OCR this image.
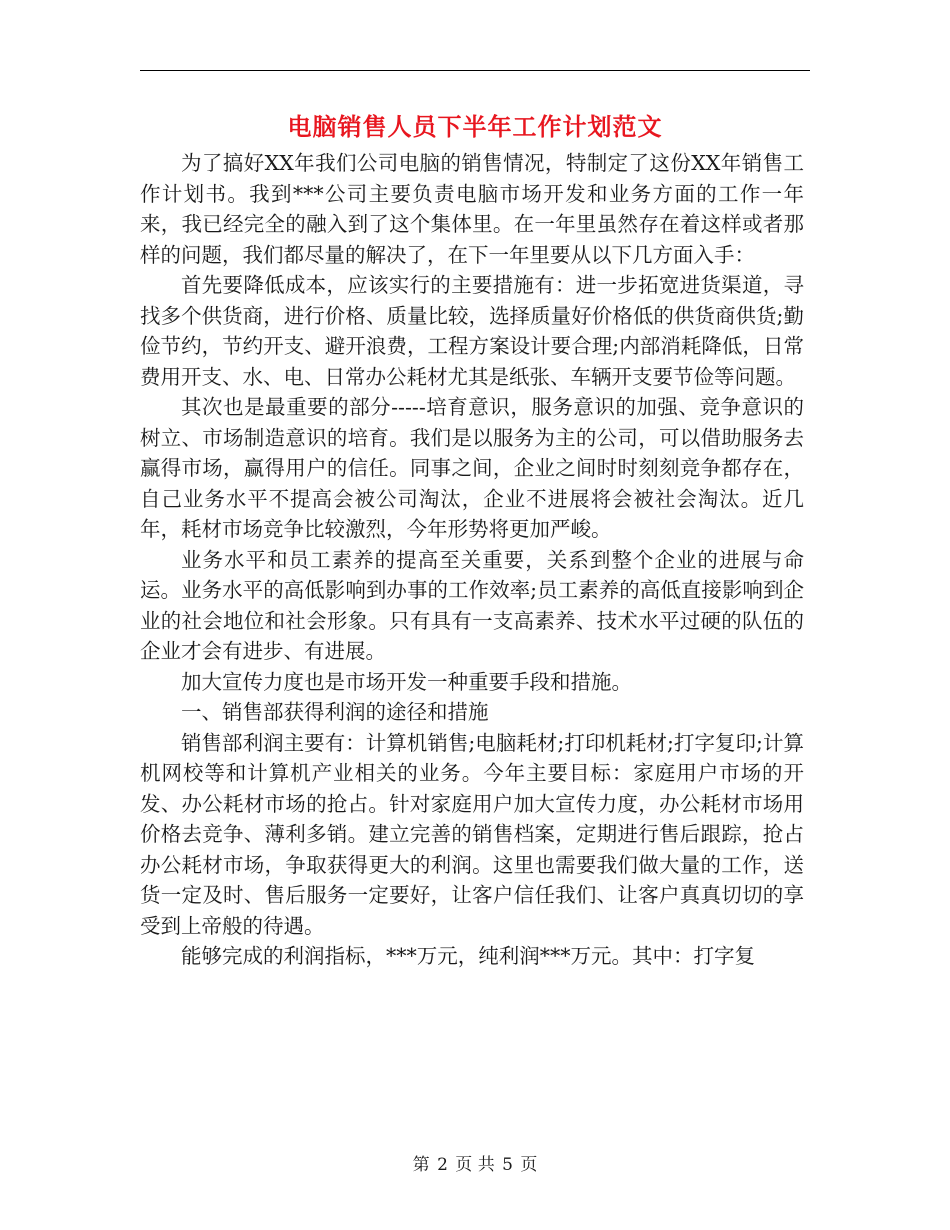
电脑销售人员下半年工作计划范文

为了搞好XX年我们公司电脑的销售情况，特制定了这份XX年销售工作计划书。我到***公司主要负责电脑市场开发和业务方面的工作一年来，我已经完全的融入到了这个集体里。在一年里虽然存在着这样或者那样的问题，我们都尽量的解决了，在下一年里要从以下几方面入手：

首先要降低成本，应该实行的主要措施有：进一步拓宽进货渠道，寻找多个供货商，进行价格、质量比较，选择质量好价格低的供货商供货;勤俭节约，节约开支、避开浪费，工程方案设计要合理;内部消耗降低，日常费用开支、水、电、日常办公耗材尤其是纸张、车辆开支要节俭等问题。

其次也是最重要的部分-----培育意识，服务意识的加强、竞争意识的树立、市场制造意识的培育。我们是以服务为主的公司，可以借助服务去赢得市场，赢得用户的信任。同事之间，企业之间时时刻刻竞争都存在，自己业务水平不提高会被公司淘汰，企业不进展将会被社会淘汰。近几年，耗材市场竞争比较激烈，今年形势将更加严峻。

业务水平和员工素养的提高至关重要，关系到整个企业的进展与命运。业务水平的高低影响到办事的工作效率;员工素养的高低直接影响到企业的社会地位和社会形象。只有具有一支高素养、技术水平过硬的队伍的企业才会有进步、有进展。

加大宣传力度也是市场开发一种重要手段和措施。

一、销售部获得利润的途径和措施

销售部利润主要有：计算机销售;电脑耗材;打印机耗材;打字复印;计算机网校等和计算机产业相关的业务。今年主要目标：家庭用户市场的开发、办公耗材市场的抢占。针对家庭用户加大宣传力度，办公耗材市场用价格去竞争、薄利多销。建立完善的销售档案，定期进行售后跟踪，抢占办公耗材市场，争取获得更大的利润。这里也需要我们做大量的工作，送货一定及时、售后服务一定要好，让客户信任我们、让客户真真切切的享受到上帝般的待遇。

能够完成的利润指标，***万元，纯利润***万元。其中：打字复

第 2 页 共 5 页
